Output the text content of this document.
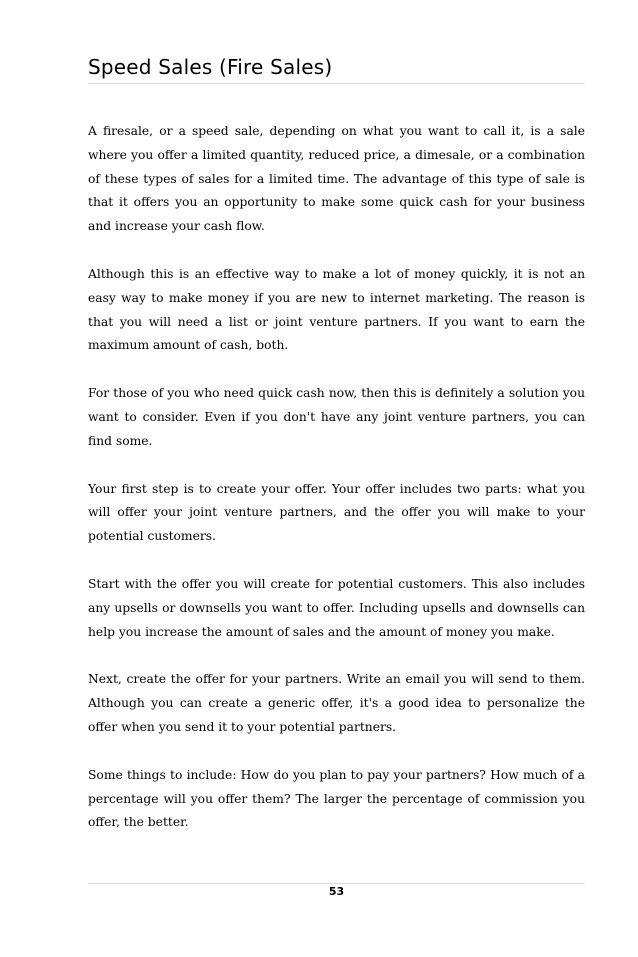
Speed Sales (Fire Sales)

A firesale, or a speed sale, depending on what you want to call it, is a sale where you offer a limited quantity, reduced price, a dimesale, or a combination of these types of sales for a limited time. The advantage of this type of sale is that it offers you an opportunity to make some quick cash for your business and increase your cash flow.

Although this is an effective way to make a lot of money quickly, it is not an easy way to make money if you are new to internet marketing. The reason is that you will need a list or joint venture partners. If you want to earn the maximum amount of cash, both.

For those of you who need quick cash now, then this is definitely a solution you want to consider. Even if you don't have any joint venture partners, you can find some.

Your first step is to create your offer. Your offer includes two parts: what you will offer your joint venture partners, and the offer you will make to your potential customers.

Start with the offer you will create for potential customers. This also includes any upsells or downsells you want to offer. Including upsells and downsells can help you increase the amount of sales and the amount of money you make.

Next, create the offer for your partners. Write an email you will send to them. Although you can create a generic offer, it's a good idea to personalize the offer when you send it to your potential partners.

Some things to include: How do you plan to pay your partners? How much of a percentage will you offer them? The larger the percentage of commission you offer, the better.

53
